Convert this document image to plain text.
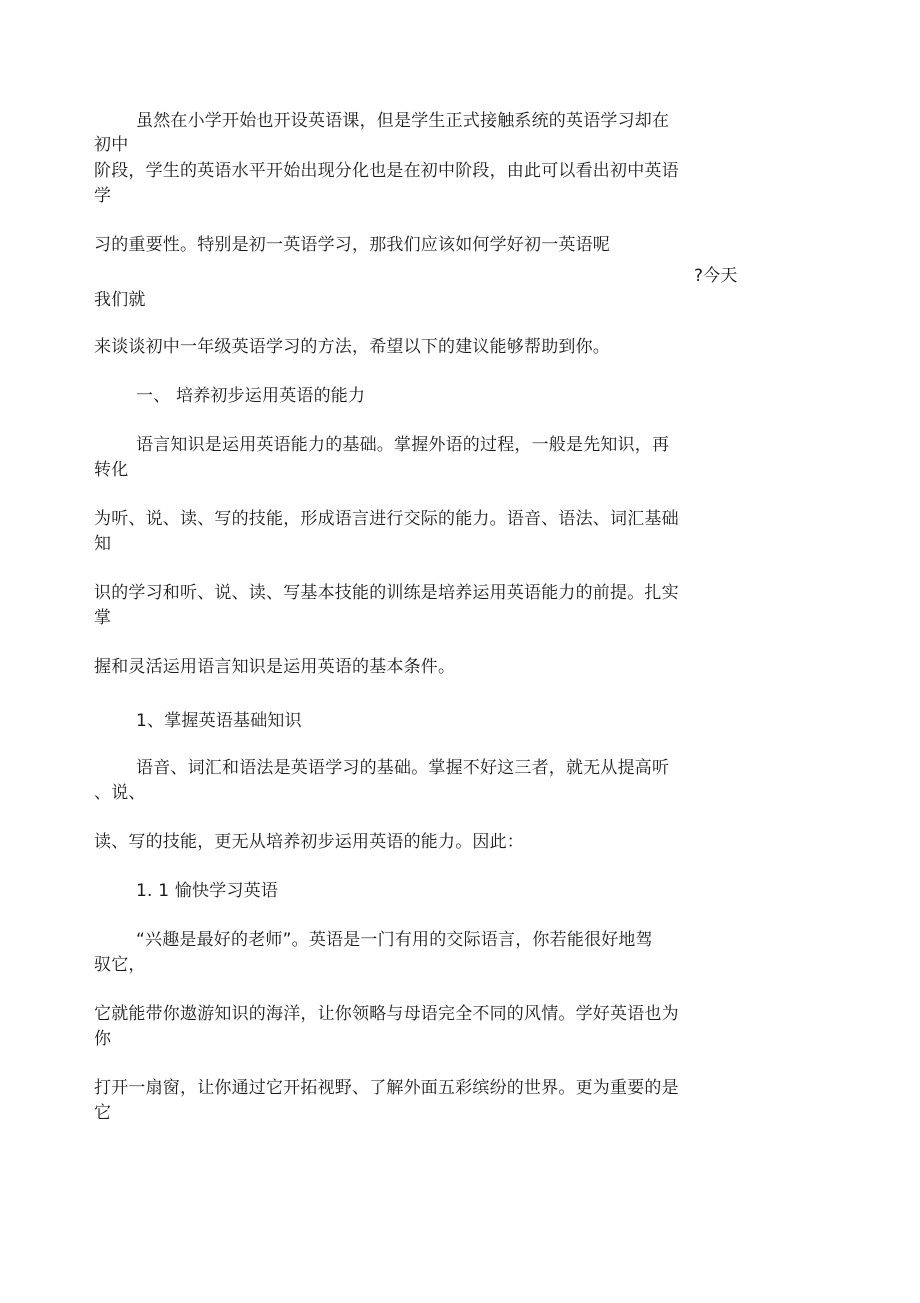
虽然在小学开始也开设英语课，但是学生正式接触系统的英语学习却在
初中
阶段，学生的英语水平开始出现分化也是在初中阶段，由此可以看出初中英语
学
习的重要性。特别是初一英语学习，那我们应该如何学好初一英语呢
?今天
我们就
来谈谈初中一年级英语学习的方法，希望以下的建议能够帮助到你。
一、 培养初步运用英语的能力
语言知识是运用英语能力的基础。掌握外语的过程，一般是先知识，再
转化
为听、说、读、写的技能，形成语言进行交际的能力。语音、语法、词汇基础
知
识的学习和听、说、读、写基本技能的训练是培养运用英语能力的前提。扎实
掌
握和灵活运用语言知识是运用英语的基本条件。
1、掌握英语基础知识
语音、词汇和语法是英语学习的基础。掌握不好这三者，就无从提高听
、说、
读、写的技能，更无从培养初步运用英语的能力。因此：
1. 1 愉快学习英语
“兴趣是最好的老师”。英语是一门有用的交际语言，你若能很好地驾
驭它，
它就能带你遨游知识的海洋，让你领略与母语完全不同的风情。学好英语也为
你
打开一扇窗，让你通过它开拓视野、了解外面五彩缤纷的世界。更为重要的是
它
